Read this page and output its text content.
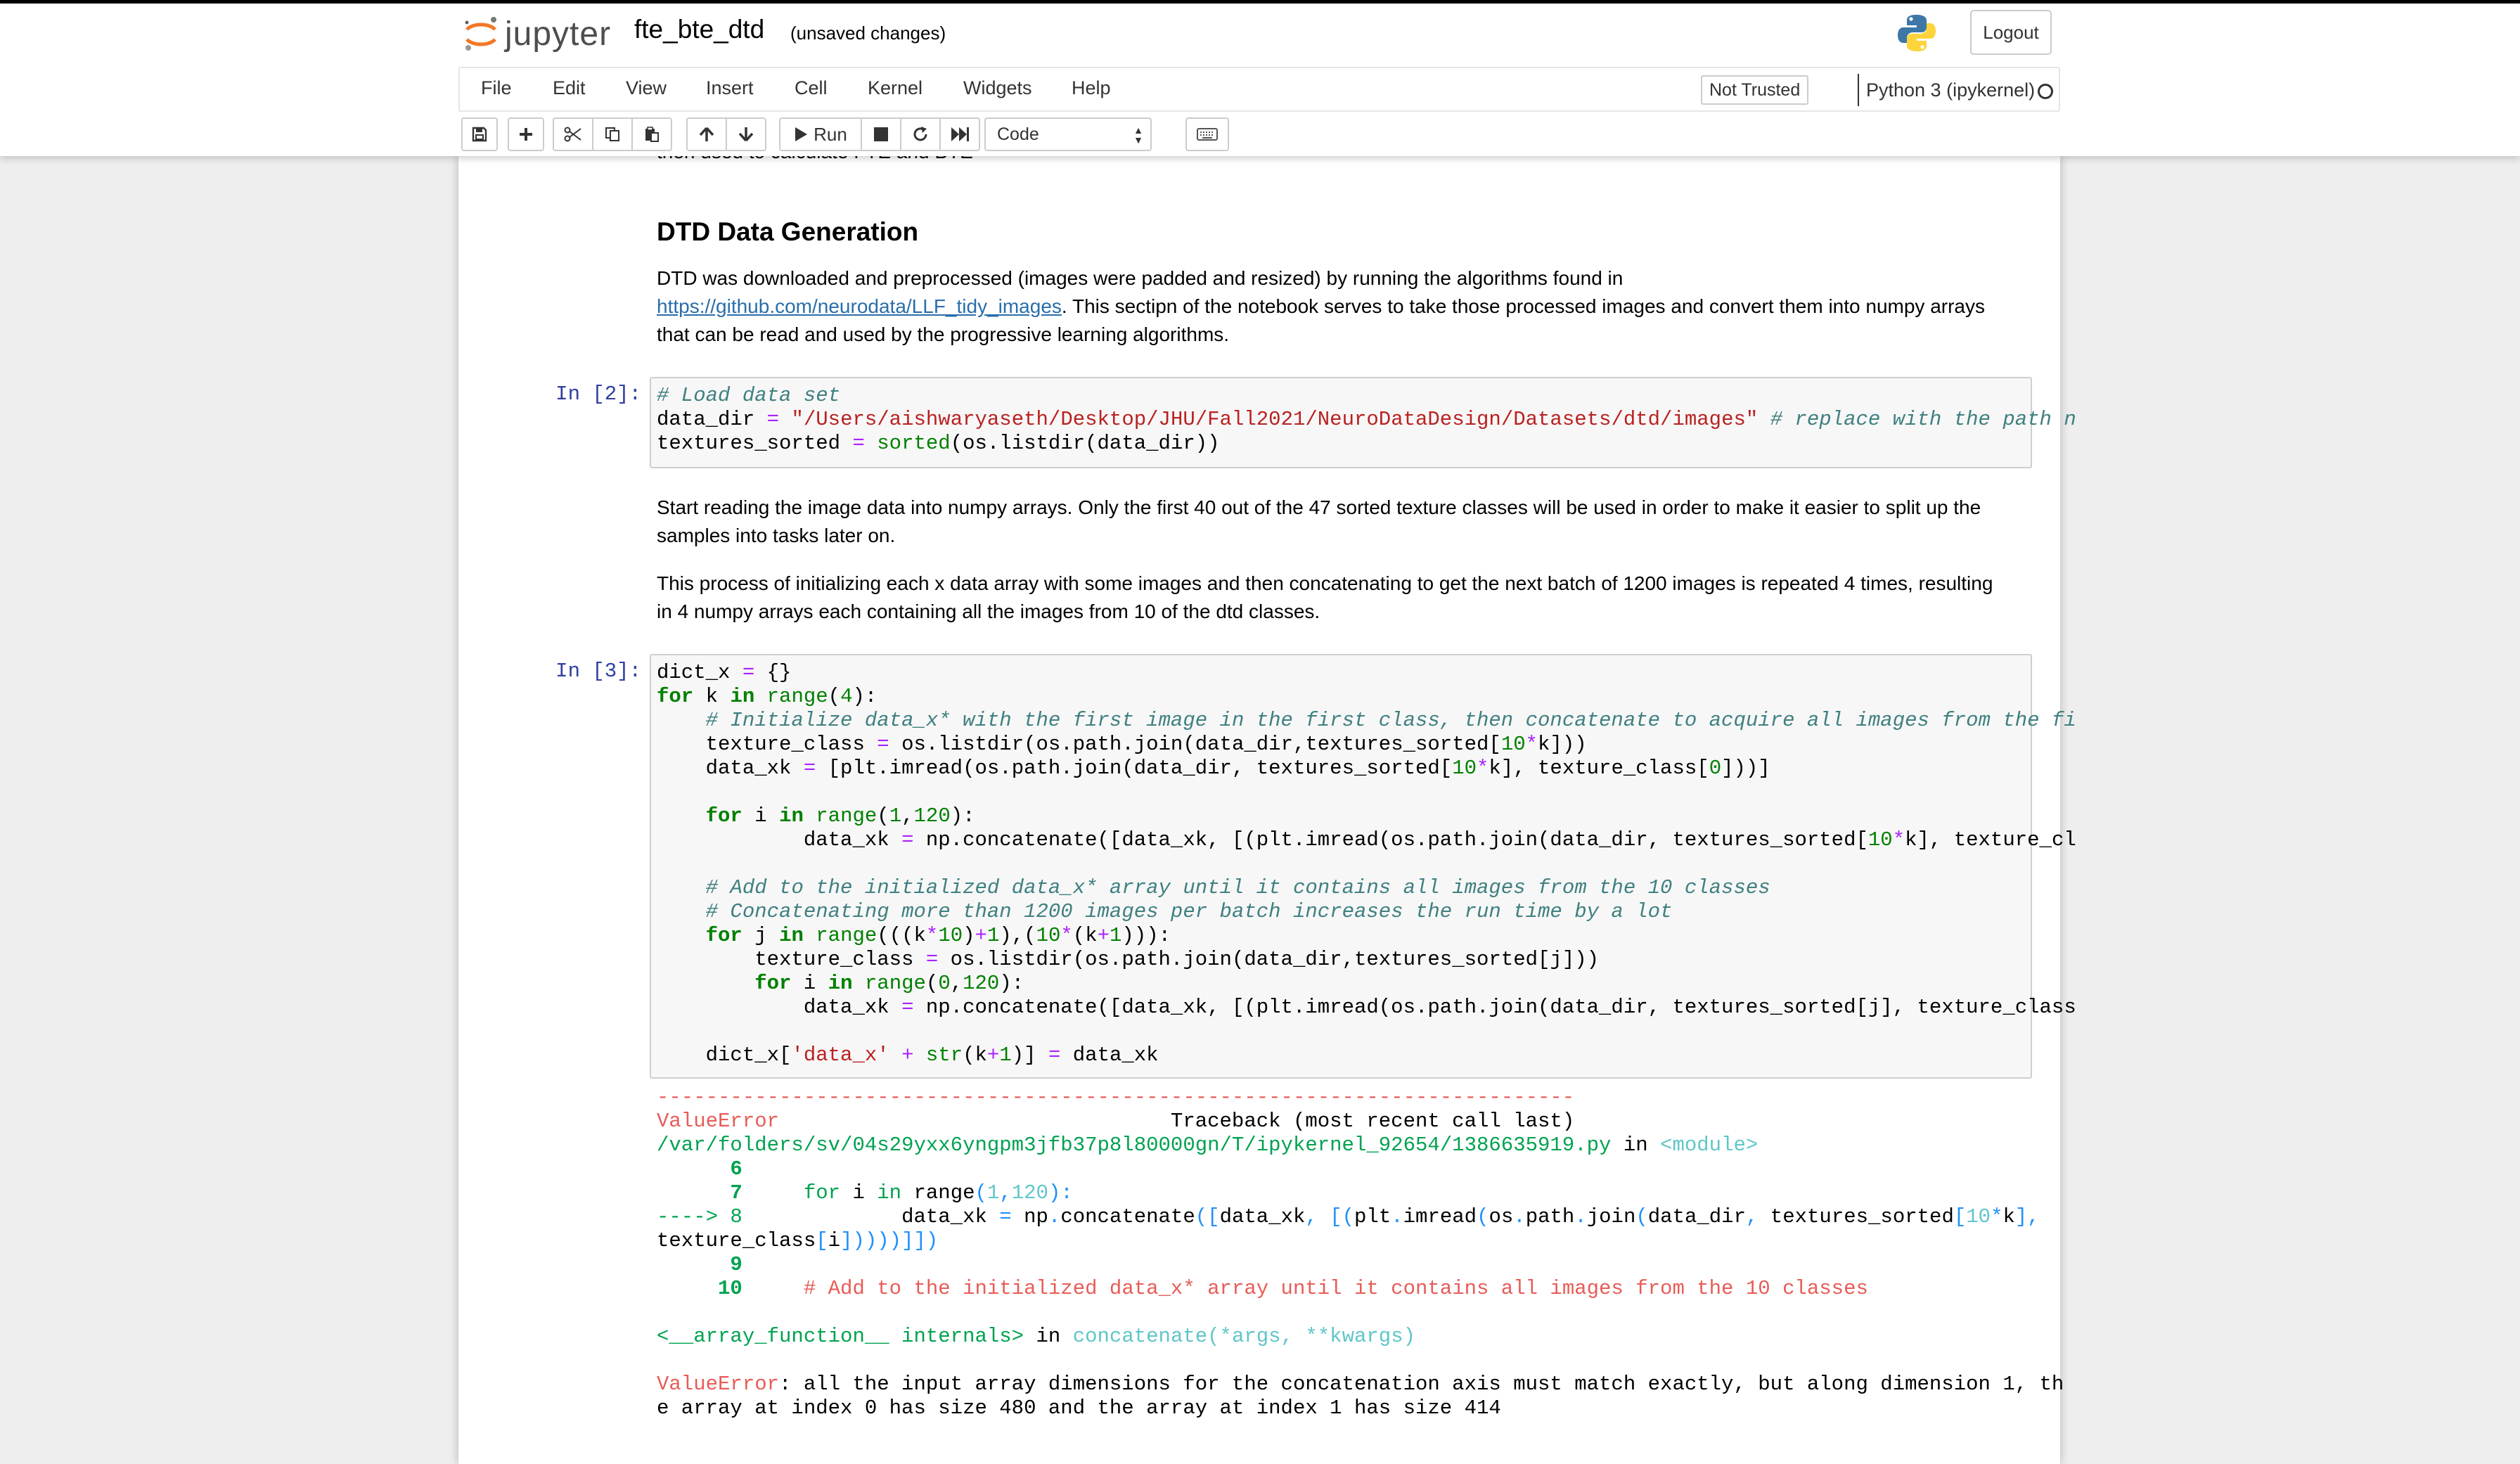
jupyter fte_bte_dtd (unsaved changes)	Logout
File Edit View Insert Cell Kernel Widgets Help	Not Trusted	Python 3 (ipykernel)
Run	Code	▲
▼
DTD Data Generation
DTD was downloaded and preprocessed (images were padded and resized) by running the algorithms found in
https://github.com/neurodata/LLF_tidy_images. This sectipn of the notebook serves to take those processed images and convert them into numpy arrays
that can be read and used by the progressive learning algorithms.
In [2]: # Load data set
data_dir = "/Users/aishwaryaseth/Desktop/JHU/Fall2021/NeuroDataDesign/Datasets/dtd/images" # replace with the path n
textures_sorted = sorted(os.listdir(data_dir))
Start reading the image data into numpy arrays. Only the first 40 out of the 47 sorted texture classes will be used in order to make it easier to split up the
samples into tasks later on.
This process of initializing each x data array with some images and then concatenating to get the next batch of 1200 images is repeated 4 times, resulting
in 4 numpy arrays each containing all the images from 10 of the dtd classes.
In [3]: dict_x = {}
for k in range(4):
# Initialize data_x* with the first image in the first class, then concatenate to acquire all images from the fi
texture_class = os.listdir(os.path.join(data_dir,textures_sorted[10*k]))
data_xk = [plt.imread(os.path.join(data_dir, textures_sorted[10*k], texture_class[0]))]

for i in range(1,120):
data_xk = np.concatenate([data_xk, [(plt.imread(os.path.join(data_dir, textures_sorted[10*k], texture_cl

# Add to the initialized data_x* array until it contains all images from the 10 classes
# Concatenating more than 1200 images per batch increases the run time by a lot
for j in range(((k*10)+1),(10*(k+1))):
texture_class = os.listdir(os.path.join(data_dir,textures_sorted[j]))
for i in range(0,120):
data_xk = np.concatenate([data_xk, [(plt.imread(os.path.join(data_dir, textures_sorted[j], texture_class

dict_x['data_x' + str(k+1)] = data_xk
---------------------------------------------------------------------------
ValueError	Traceback (most recent call last)
/var/folders/sv/04s29yxx6yngpm3jfb37p8l80000gn/T/ipykernel_92654/1386635919.py in <module>
6
7	for i in range(1,120):
----> 8             data_xk = np.concatenate([data_xk, [(plt.imread(os.path.join(data_dir, textures_sorted[10*k],
texture_class[i]))))]])
9
10	# Add to the initialized data_x* array until it contains all images from the 10 classes

<__array_function__ internals> in concatenate(*args, **kwargs)

ValueError: all the input array dimensions for the concatenation axis must match exactly, but along dimension 1, th
e array at index 0 has size 480 and the array at index 1 has size 414
